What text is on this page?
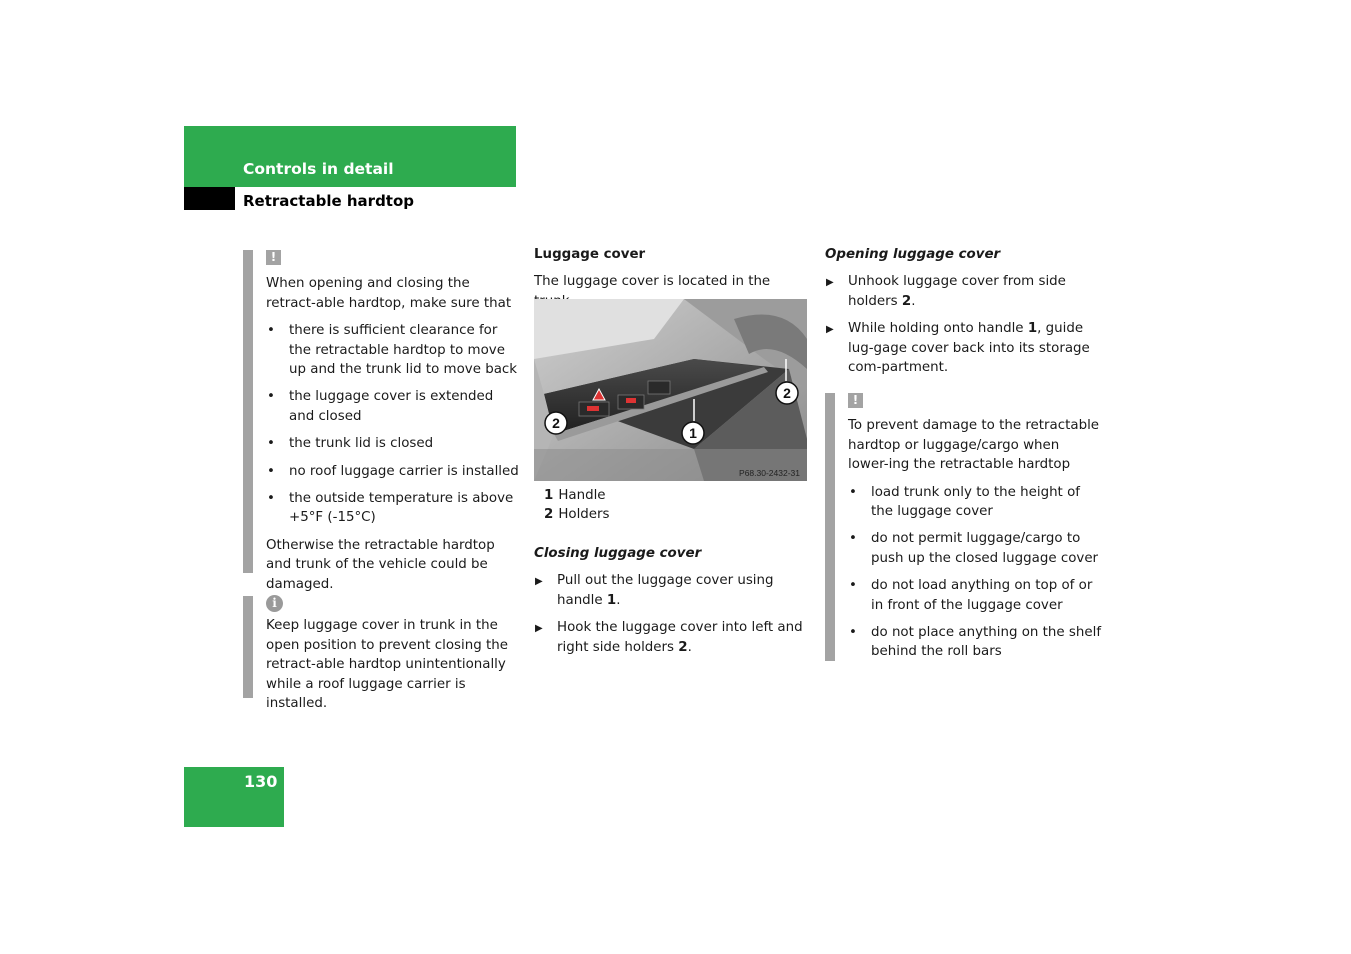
Controls in detail
Retractable hardtop
!

When opening and closing the retract-able hardtop, make sure that

• there is sufficient clearance for the retractable hardtop to move up and the trunk lid to move back
• the luggage cover is extended and closed
• the trunk lid is closed
• no roof luggage carrier is installed
• the outside temperature is above +5°F (-15°C)

Otherwise the retractable hardtop and trunk of the vehicle could be damaged.

i

Keep luggage cover in trunk in the open position to prevent closing the retract-able hardtop unintentionally while a roof luggage carrier is installed.

Luggage cover

The luggage cover is located in the

2
1
2
P68.30-2432-31
1 Handle
2 Holders

Closing luggage cover

▶ Pull out the luggage cover using handle 1.
▶ Hook the luggage cover into left and right side holders 2.

Opening luggage cover

▶ Unhook luggage cover from side holders 2.
▶ While holding onto handle 1, guide lug-gage cover back into its storage com-partment.
!

To prevent damage to the retractable hardtop or luggage/cargo when lower-ing the retractable hardtop

• load trunk only to the height of the luggage cover
• do not permit luggage/cargo to push up the closed luggage cover
• do not load anything on top of or in front of the luggage cover
• do not place anything on the shelf behind the roll bars
130
